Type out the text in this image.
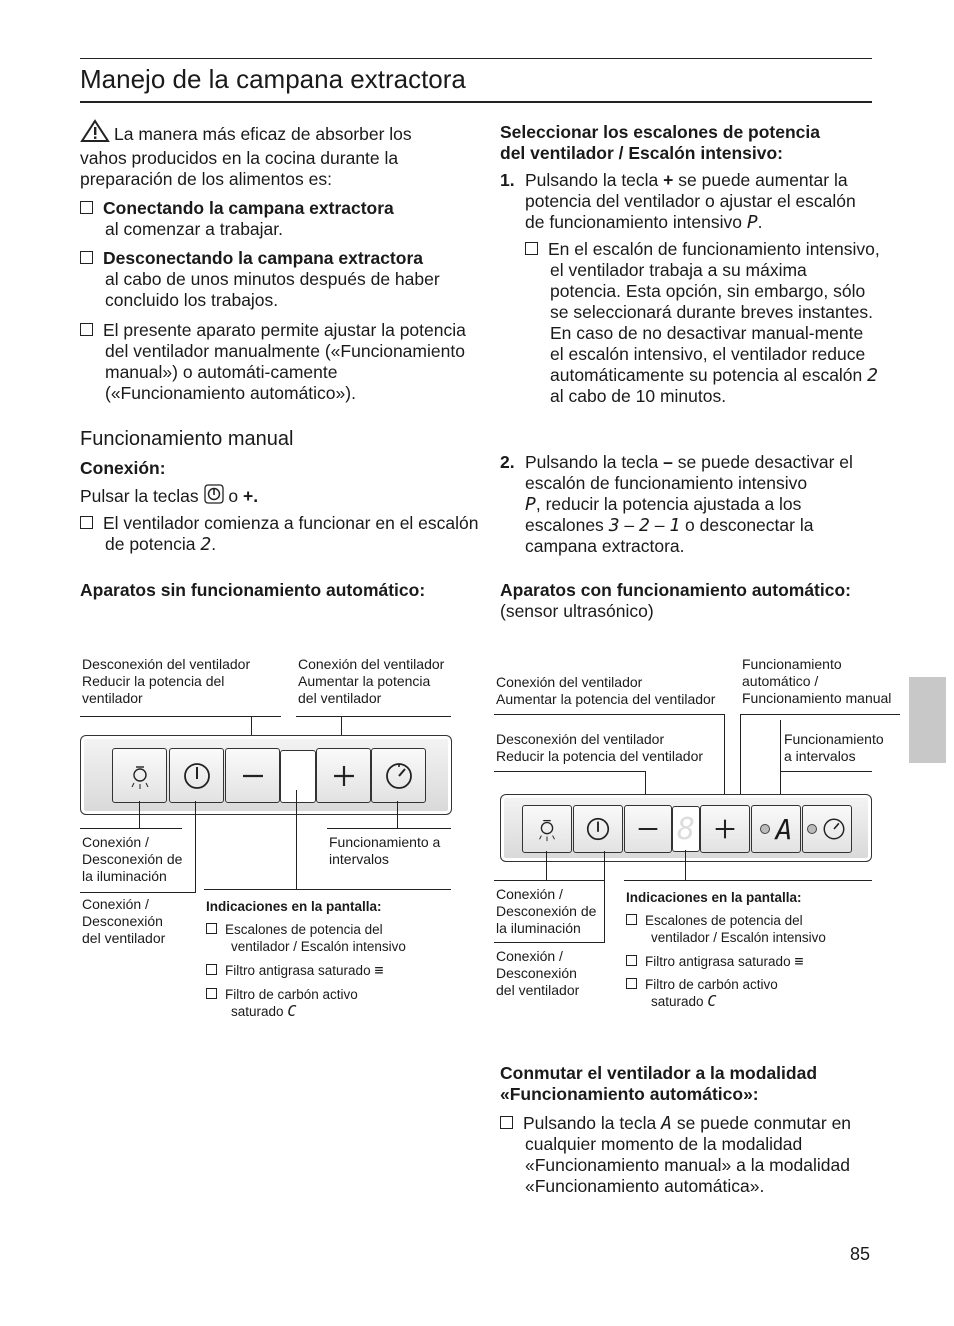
Manejo de la campana extractora
La manera más eficaz de absorber los vahos producidos en la cocina durante la preparación de los alimentos es:
Conectando la campana extractora
al comenzar a trabajar.
Desconectando la campana extractora
al cabo de unos minutos después de haber concluido los trabajos.
El presente aparato permite ajustar la potencia del ventilador manualmente («Funcionamiento manual») o automáti-camente («Funcionamiento automático»).
Funcionamiento manual
Conexión:
Pulsar la teclas o +.
El ventilador comienza a funcionar en el escalón de potencia 2.
Aparatos sin funcionamiento automático:
Seleccionar los escalones de potencia
del ventilador / Escalón intensivo:
1. Pulsando la tecla + se puede aumentar la potencia del ventilador o ajustar el escalón de funcionamiento intensivo P.
En el escalón de funcionamiento intensivo, el ventilador trabaja a su máxima potencia. Esta opción, sin embargo, sólo se seleccionará durante breves instantes.
En caso de no desactivar manual-mente el escalón intensivo, el ventilador reduce automáticamente su potencia al escalón 2 al cabo de 10 minutos.
2. Pulsando la tecla – se puede desactivar el escalón de funcionamiento intensivo
P, reducir la potencia ajustada a los escalones 3 – 2 – 1 o desconectar la campana extractora.
Aparatos con funcionamiento automático:
(sensor ultrasónico)
Desconexión del ventilador
Reducir la potencia del
ventilador
Conexión del ventilador
Aumentar la potencia
del ventilador
Conexión /
Desconexión de
la iluminación
Funcionamiento a
intervalos
Conexión /
Desconexión
del ventilador
Indicaciones en la pantalla:
Escalones de potencia del
ventilador / Escalón intensivo
Filtro antigrasa saturado ≡
Filtro de carbón activo
saturado C
Conexión del ventilador
Aumentar la potencia del ventilador
Funcionamiento
automático /
Funcionamiento manual
Desconexión del ventilador
Reducir la potencia del ventilador
Funcionamiento
a intervalos
8	A
Conexión /
Desconexión de
la iluminación
Conexión /
Desconexión
del ventilador
Indicaciones en la pantalla:
Escalones de potencia del
ventilador / Escalón intensivo
Filtro antigrasa saturado ≡
Filtro de carbón activo
saturado C
Conmutar el ventilador a la modalidad
«Funcionamiento automático»:
Pulsando la tecla A se puede conmutar en cualquier momento de la modalidad «Funcionamiento manual» a la modalidad «Funcionamiento automática».
85
